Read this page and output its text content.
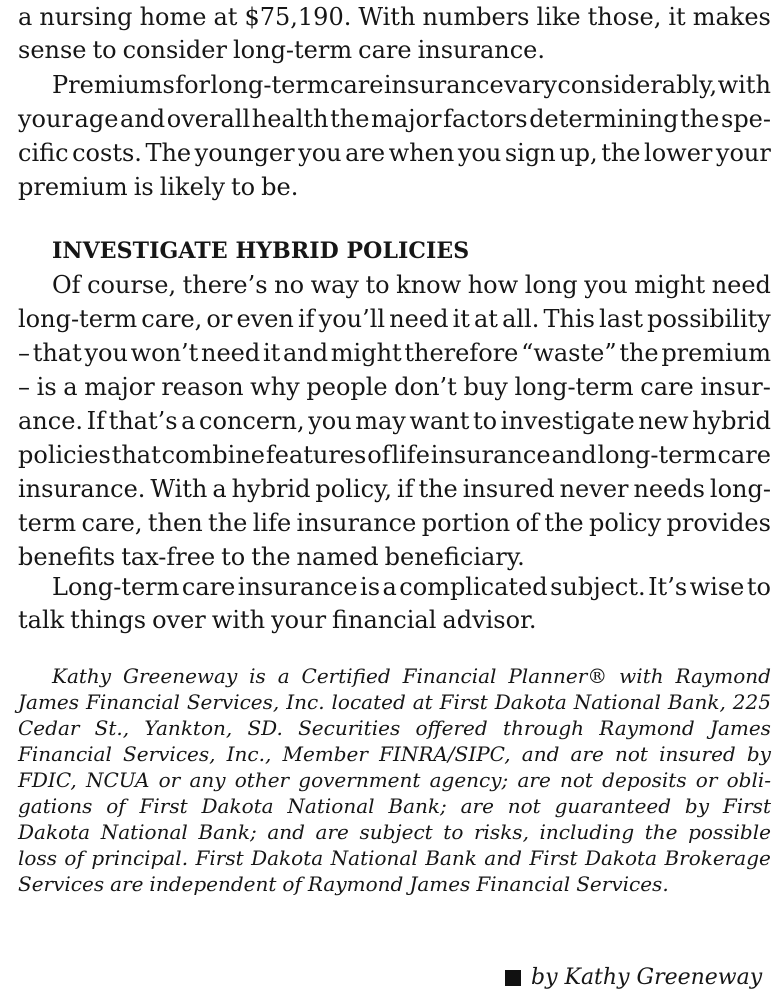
a nursing home at $75,190. With numbers like those, it makes
sense to consider long-term care insurance.
Premiums for long-term care insurance vary considerably, with
your age and overall health the major factors determining the spe-
cific costs. The younger you are when you sign up, the lower your
premium is likely to be.
INVESTIGATE HYBRID POLICIES
Of course, there’s no way to know how long you might need
long-term care, or even if you’ll need it at all. This last possibility
– that you won’t need it and might therefore “waste” the premium
– is a major reason why people don’t buy long-term care insur-
ance. If that’s a concern, you may want to investigate new hybrid
policies that combine features of life insurance and long-term care
insurance. With a hybrid policy, if the insured never needs long-
term care, then the life insurance portion of the policy provides
benefits tax-free to the named beneficiary.
Long-term care insurance is a complicated subject. It’s wise to
talk things over with your financial advisor.
Kathy Greeneway is a Certified Financial Planner® with Raymond
James Financial Services, Inc. located at First Dakota National Bank, 225
Cedar St., Yankton, SD. Securities offered through Raymond James
Financial Services, Inc., Member FINRA/SIPC, and are not insured by
FDIC, NCUA or any other government agency; are not deposits or obli-
gations of First Dakota National Bank; are not guaranteed by First
Dakota National Bank; and are subject to risks, including the possible
loss of principal. First Dakota National Bank and First Dakota Brokerage
Services are independent of Raymond James Financial Services.
by Kathy Greeneway
